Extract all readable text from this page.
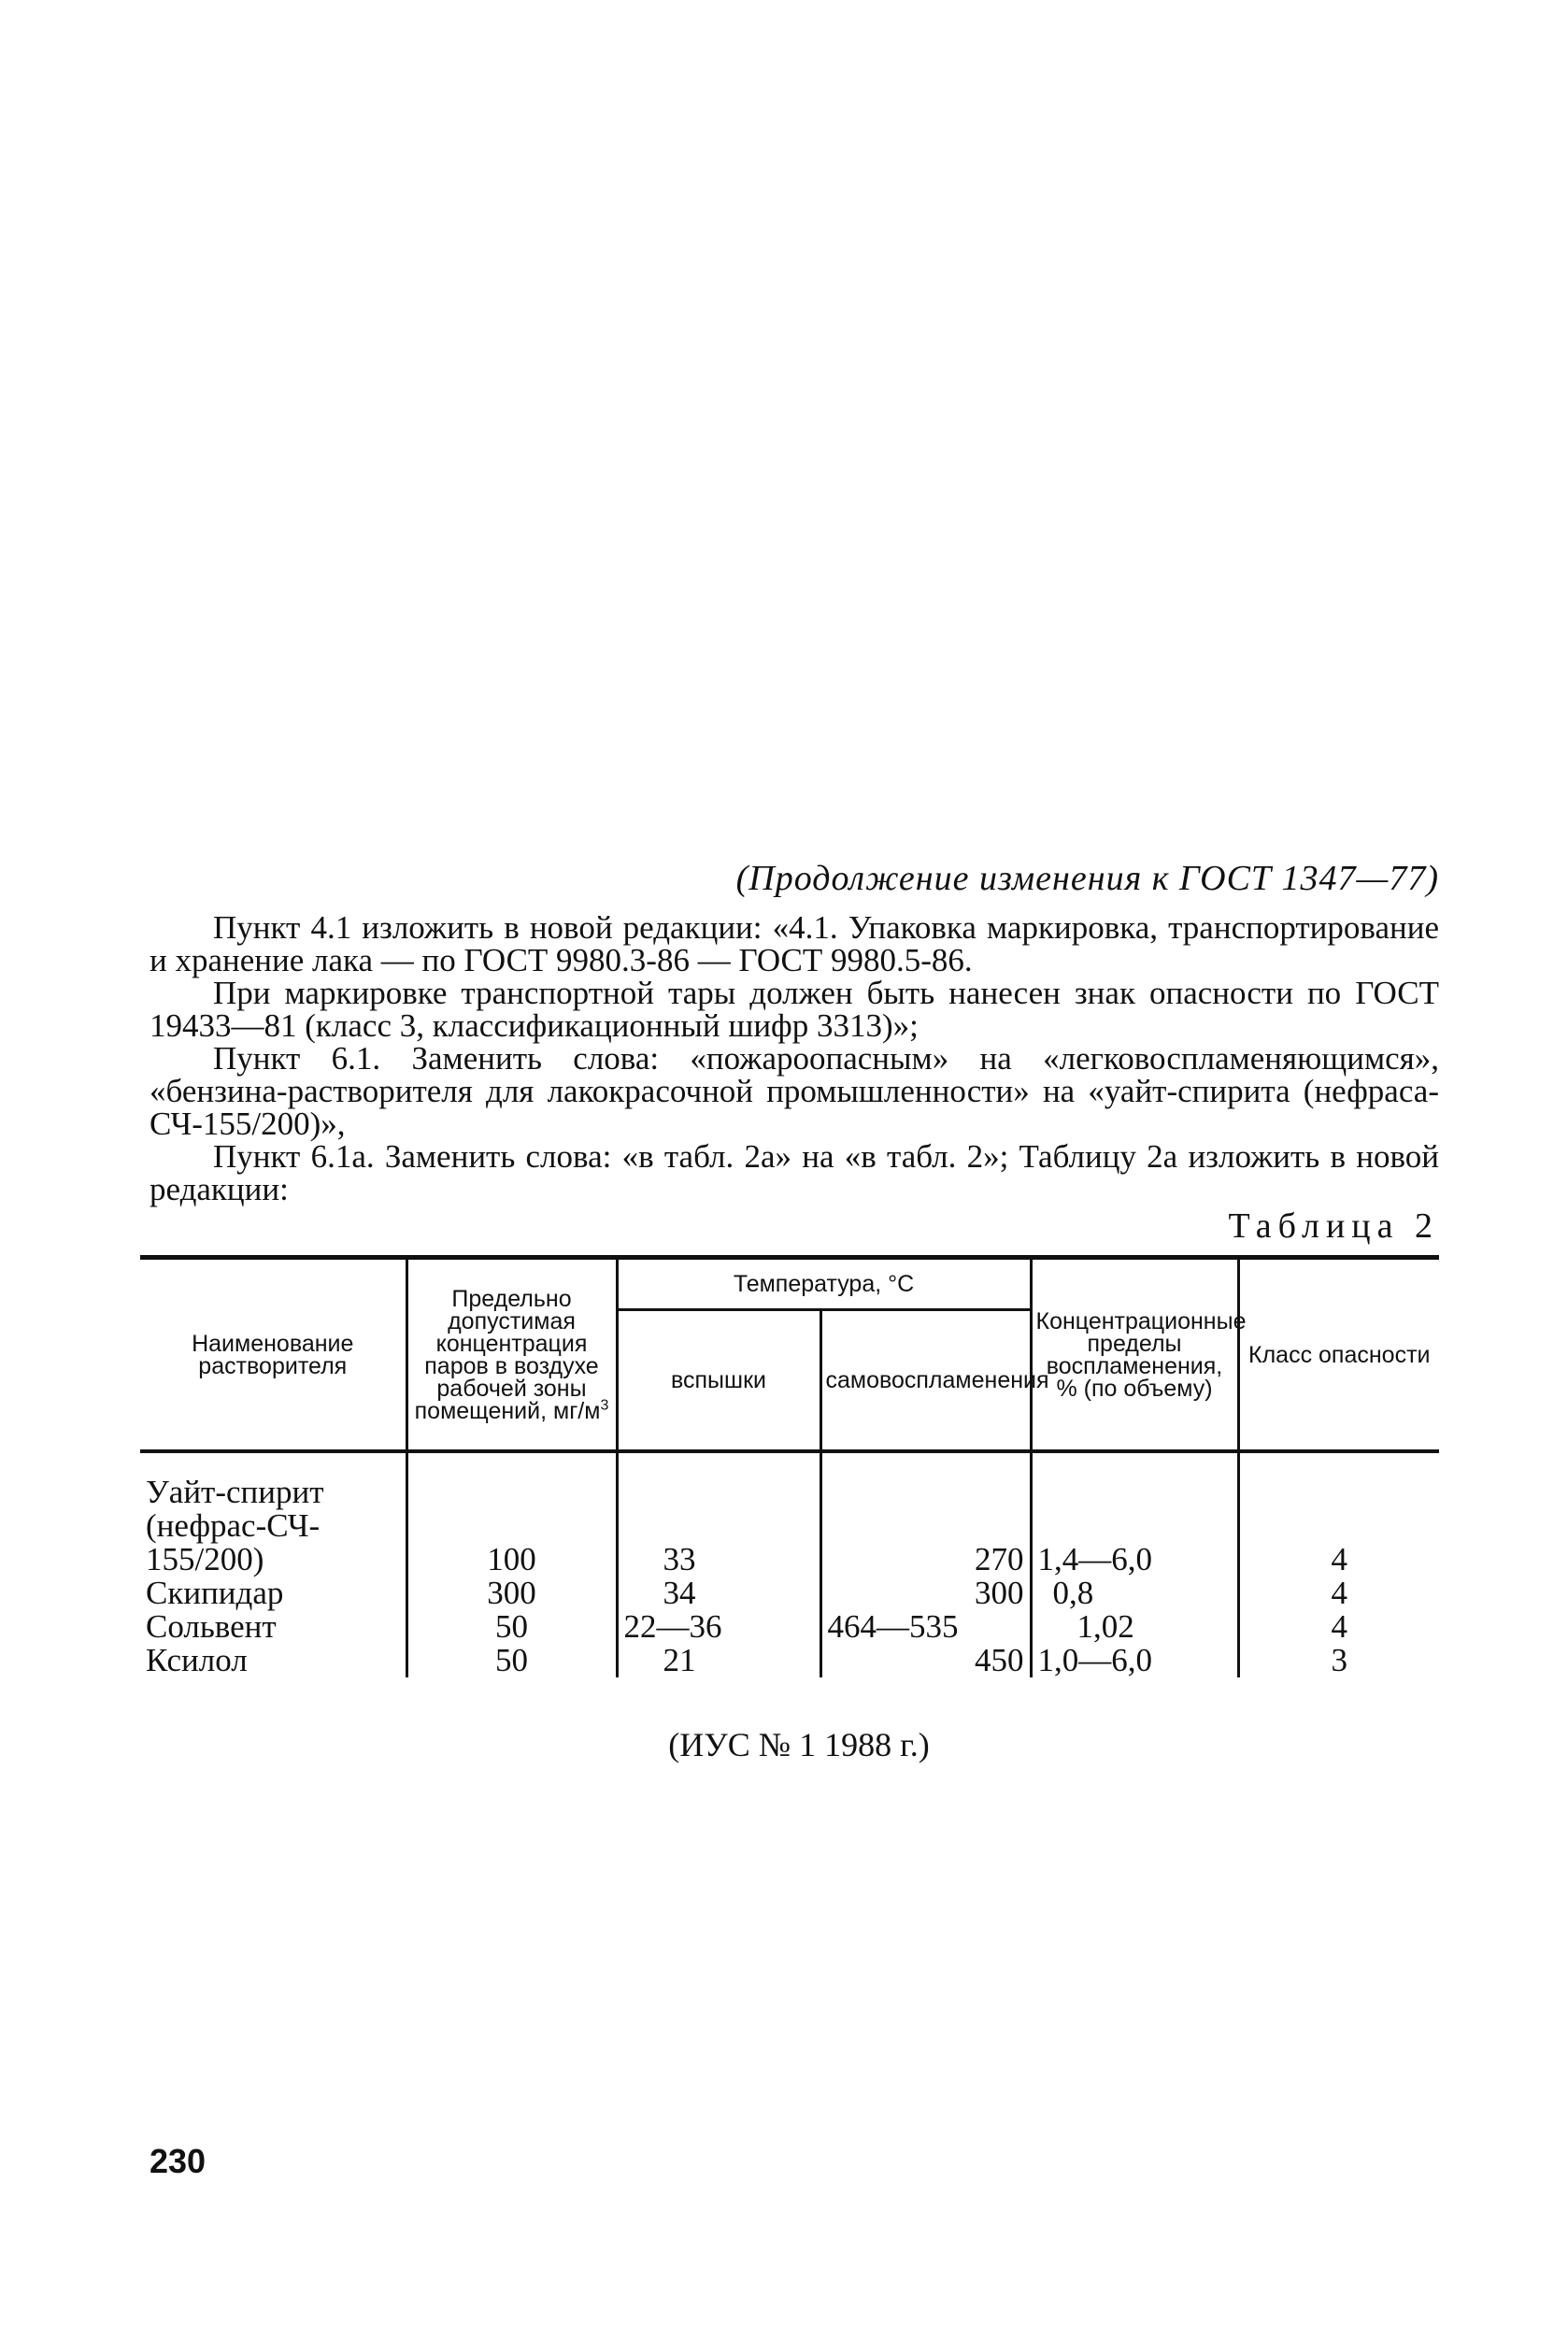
(Продолжение изменения к ГОСТ 1347—77)

Пункт 4.1 изложить в новой редакции: «4.1. Упаковка маркировка, транспортирование и хранение лака — по ГОСТ 9980.3-86 — ГОСТ 9980.5-86.

При маркировке транспортной тары должен быть нанесен знак опасности по ГОСТ 19433—81 (класс 3, классификационный шифр 3313)»;

Пункт 6.1. Заменить слова: «пожароопасным» на «легковоспламеняющимся», «бензина-растворителя для лакокрасочной промышленности» на «уайт-спирита (нефраса-СЧ-155/200)»,

Пункт 6.1а. Заменить слова: «в табл. 2а» на «в табл. 2»; Таблицу 2а изложить в новой редакции:

Таблица 2
Наименование растворителя	Предельно допустимая концентрация паров в воздухе рабочей зоны помещений, $мг/м^3$	Температура, °С		Концентрационные пределы воспламенения, % (по объему)	Класс опасности
		вспышки	самовоспламенения		

Уайт-спирит
(нефрас-СЧ-
155/200)	100	33	270	1,4—6,0	4
Скипидар	300	34	300	0,8	4
Сольвент	50	22—36	464—535	1,02	4
Ксилол	50	21	450	1,0—6,0	3
(ИУС № 1 1988 г.)
230
